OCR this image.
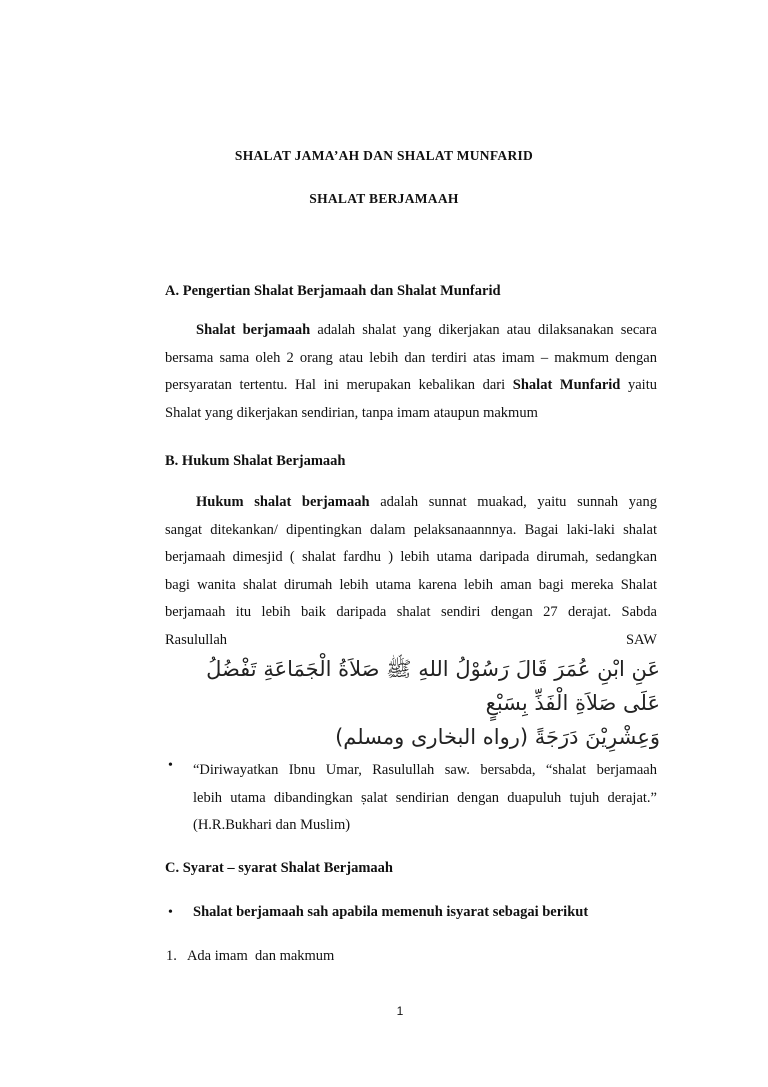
SHALAT JAMA’AH DAN SHALAT MUNFARID
SHALAT BERJAMAAH
A. Pengertian Shalat Berjamaah dan Shalat Munfarid
Shalat berjamaah adalah shalat yang dikerjakan atau dilaksanakan secara
bersama sama oleh 2 orang atau lebih dan terdiri atas imam – makmum dengan
persyaratan tertentu. Hal ini merupakan kebalikan dari Shalat Munfarid yaitu
Shalat yang dikerjakan sendirian, tanpa imam ataupun makmum
B. Hukum Shalat Berjamaah
Hukum shalat berjamaah adalah sunnat muakad, yaitu sunnah yang
sangat ditekankan/ dipentingkan dalam pelaksanaannnya. Bagai laki-laki shalat
berjamaah dimesjid ( shalat fardhu ) lebih utama daripada dirumah, sedangkan
bagi wanita shalat dirumah lebih utama karena lebih aman bagi mereka Shalat
berjamaah itu lebih baik daripada shalat sendiri dengan 27 derajat. Sabda
Rasulullah	SAW
عَنِ ابْنِ عُمَرَ قَالَ رَسُوْلُ اللهِ ﷺ صَلاَةُ الْجَمَاعَةِ تَفْضُلُ عَلَى صَلاَةِ الْفَذِّ بِسَبْعٍ
وَعِشْرِيْنَ دَرَجَةً (رواه البخارى ومسلم)
• “Diriwayatkan Ibnu Umar, Rasulullah saw. bersabda, “shalat berjamaah
lebih utama dibandingkan ṣalat sendirian dengan duapuluh tujuh derajat.”
(H.R.Bukhari dan Muslim)
C. Syarat – syarat Shalat Berjamaah
• Shalat berjamaah sah apabila memenuh isyarat sebagai berikut
1.   Ada imam  dan makmum
1
